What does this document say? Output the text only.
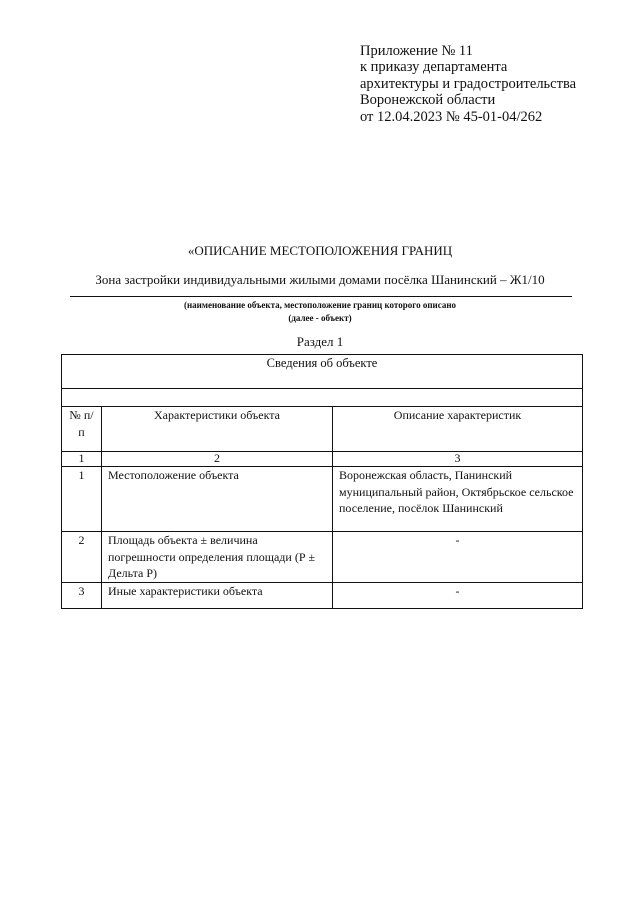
Приложение № 11
к приказу департамента
архитектуры и градостроительства
Воронежской области
от 12.04.2023 № 45-01-04/262
«ОПИСАНИЕ МЕСТОПОЛОЖЕНИЯ ГРАНИЦ
Зона застройки индивидуальными жилыми домами посёлка Шанинский – Ж1/10
(наименование объекта, местоположение границ которого описано
(далее - объект)
Раздел 1
Сведения об объекте		

№ п/п	Характеристики объекта	Описание характеристик
1	2	3
1	Местоположение объекта	Воронежская область, Панинский муниципальный район, Октябрьское сельское поселение, посёлок Шанинский
2	Площадь объекта ± величина погрешности определения площади (Р ± Дельта Р)	-
3	Иные характеристики объекта	-
